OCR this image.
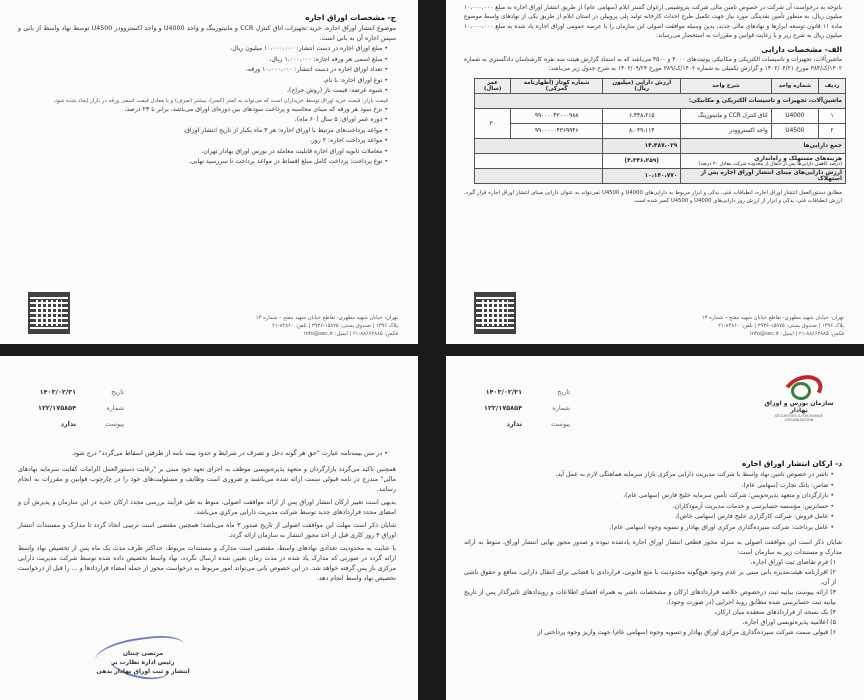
ج- مشخصات اوراق اجاره

موضوع انتشار اوراق اجاره، خرید تجهیزات اتاق کنترل CCR و مانیتورینگ و واحد U4000 و واحد اکستروودر U4500 توسط نهاد واسط از بانی و سپس اجاره آن به بانی است.

• مبلغ اوراق اجاره در دست انتشار: ۱۰،۰۰۰،۰۰۰ میلیون ریال،

• مبلغ اسمی هر ورقه اجاره: ۱،۰۰۰،۰۰۰ ریال،

• تعداد اوراق اجاره در دست انتشار: ۱۰،۰۰۰،۰۰۰ ورقه،

• نوع اوراق اجاره: با نام،

• شیوه عرضه: قیمت باز (روش حراج)،

قیمت بازار: قیمت خرید اوراق توسط خریداران است که می‌تواند به کمتر (کسر)، بیشتر (صرف) و یا معادل قیمت اسمی ورقه در بازار ایجاد شده شود.

• نرخ سود هر ورقه که مبنای محاسبه و پرداخت سودهای بین دوره‌ای اوراق می‌باشد، برابر با ۲۳ درصد،

• دوره عمر اوراق: ۵ سال (۶۰ ماه)،

• مواعد پرداخت‌های مرتبط با اوراق اجاره: هر ۳ ماه یکبار از تاریخ انتشار اوراق،

• مواعد پرداخت اجاره: ۲ روز،

• معاملات ثانویه اوراق اجاره قابلیت معامله در بورس اوراق بهادار تهران،

• نوع پرداخت: پرداخت کامل مبلغ اقساط در مواعد پرداخت تا سررسید نهایی.

تهران- خیابان شهید مطهری- تقاطع خیابان شهید مفتح – شماره ۱۳
پلاک ۱۳۹۶ | صندوق پستی: ۱۵۸۷۵-۳۹۳۶ | تلفن: ۸۴۸۶۰-۲۱
فکس: ۸۸۶۶۲۸۸۵-۲۱ | ایمیل: info@sec.ir

باتوجه به درخواست آن شرکت در خصوص تامین مالی شرکت پتروشیمی ارغوان گستر ایلام (سهامی عام) از طریق انتشار اوراق اجاره به مبلغ ۱۰،۰۰۰،۰۰۰ میلیون ریال، به منظور تأمین نقدینگی مورد نیاز جهت تکمیل طرح احداث کارخانه تولید پلی پروپیلن در استان ایلام از طریق یکی از نهادهای واسط موضوع ماده ۱۱ قانون توسعه ابزارها و نهادهای مالی جدید، بدین وسیله موافقت اصولی این سازمان را با عرضه عمومی اوراق اجاره یاد شده به مبلغ ۱۰،۰۰۰،۰۰۰ میلیون ریال به شرح زیر و با رعایت قوانین و مقررات به استحضار می‌رساند:

الف- مشخصات دارایی

ماشین‌آلات، تجهیزات و تاسیسات الکتریکی و مکانیکی یونیت‌های ۴۰۰۰ و ۴۵۰۰ می‌باشد که به استناد گزارش هیئت سه نفره کارشناسان دادگستری به شماره ۱۴۰۲/ک/۳۸۴ مورخ ۱۴۰۲/۰۴/۲۱ و گزارش تکمیلی به شماره ۱۴۰۲/ک/۳۸۹ مورخ ۱۴۰۲/۰۹/۲۴ به شرح جدول زیر می‌باشد:

ردیف	شماره واحد	شرح واحد	ارزش دارایی (میلیون ریال)	شماره کوتاژ (اظهارنامه گمرکی)	عمر (سال)
ماشین‌آلات، تجهیزات و تاسیسات الکتریکی و مکانیکی:					
۱	U4000	اتاق کنترل CCR و مانیتورینگ	۶،۴۴۸،۲۱۵	۹۹۰۰۰۰۴۲۰۰۰۹۸۸	۳۰
۲	U4500	واحد اکستروودر	۸،۰۳۹،۱۱۴	۹۹۰۰۰۰۰۴۳۶۹۹۴۶	
جمع دارایی‌ها			۱۴،۴۸۷،۰۲۹		

هزینه‌های مستهلک و راه‌اندازی
(درصد کاهش دارایی‌ها پس از انتقال از محدوده شرکت معادل ۳۰ درصد)			(۴،۳۴۶،۲۵۹)		
ارزش دارایی‌های مبنای انتشار اوراق اجاره پس از استهلاک			۱۰،۱۴۰،۷۷۰		

مطابق دستورالعمل انتشار اوراق اجاره، انطباقات فنی، یدکی و ابزار مربوط به دارایی‌های U4000 و U4500 نمی‌تواند به عنوان دارایی مبنای انتشار اوراق اجاره قرار گیرد، ارزش انطباقات فنی، یدکی و ابزار از ارزش روز دارایی‌های U4000 و U4500 کسر شده است.

تهران- خیابان شهید مطهری- تقاطع خیابان شهید مفتح – شماره ۱۳
پلاک ۱۳۹۶ | صندوق پستی: ۱۵۸۷۵-۳۹۳۶ | تلفن: ۸۴۸۶۰-۲۱
فکس: ۸۸۶۶۲۸۸۵-۲۱ | ایمیل: info@sec.ir
تاریخ
۱۴۰۳/۰۲/۳۱
شماره
۱۲۲/۱۷۵۸۵۴
پیوست
ندارد

• در متن بیمه‌نامه عبارت "حق هر گونه دخل و تصرف در شرایط و حدود بیمه نامه از طرفین اسقاط می‌گردد" درج شود.

همچنین تاکید می‌گردد بازارگردان و متعهد پذیره‌نویسی موظف به اجرای تعهد خود مبنی بر "رعایت دستورالعمل الزامات کفایت سرمایه نهادهای مالی" مندرج در نامه قبولی سمت ارائه شده می‌باشند و ضروری است وظایف و مسئولیت‌های خود را در چارچوب قوانین و مقررات به انجام رسانند.

بدیهی است تغییر ارکان انتشار اوراق پس از ارائه موافقت اصولی، منوط به طی فرآیند بررسی مجدد ارکان جدید در این سازمان و پذیرش آن و امضای مجدد قراردادهای جدید توسط شرکت مدیریت دارایی مرکزی می‌باشد.

شایان ذکر است مهلت این موافقت اصولی از تاریخ صدور ۳ ماه می‌باشد؛ همچنین مقتضی است ترتیبی اتخاذ گردد تا مدارک و مستندات انتشار اوراق ۳ روز کاری قبل از اخذ مجوز انتشار به سازمان ارائه گردد.

با عنایت به محدودیت تعدادی نهادهای واسط، مقتضی است مدارک و مستندات مربوط، حداکثر ظرف مدت یک ماه پس از تخصیص نهاد واسط ارائه گردد در صورتی که مدارک یاد شده در مدت زمان تعیین شده ارسال نگردد، نهاد واسط تخصیص داده شده توسط شرکت مدیریت دارایی مرکزی باز پس گرفته خواهد شد. در این خصوص بانی می‌تواند امور مربوط به درخواست مجوز از جمله امضاء قراردادها و ... را قبل از درخواست تخصیص نهاد واسط انجام دهد.

مرتضی چنتان
رئیس اداره نظارت بر
انتشار و ثبت اوراق بهادار بدهی
سازمان بورس و اوراق بهادار
SECURITIES & EXCHANGE ORGANIZATION
تاریخ
۱۴۰۳/۰۲/۳۱
شماره
۱۲۲/۱۷۵۸۵۴
پیوست
ندارد
د- ارکان انتشار اوراق اجاره

• ناشر در خصوص تامین نهاد واسط با شرکت مدیریت دارایی مرکزی بازار سرمایه هماهنگی لازم به عمل آید،

• ضامن: بانک تجارت (سهامی عام)،

• بازارگردان و متعهد پذیره‌نویس: شرکت تأمین سرمایه خلیج فارس (سهامی عام)،

• حسابرس: مؤسسه حسابرسی و خدمات مدیریت آرمودکاران،

• عامل فروش: شرکت کارگزاری خلیج فارس (سهامی خاص)،

• عامل پرداخت: شرکت سپرده‌گذاری مرکزی اوراق بهادار و تسویه وجوه (سهامی عام).

شایان ذکر است این موافقت اصولی به منزله مجوز قطعی انتشار اوراق اجاره یادشده نبوده و صدور مجوز نهایی انتشار اوراق، منوط به ارائه مدارک و مستندات زیر به سازمان است:

۱) فرم تقاضای ثبت اوراق اجاره،

۲) اقرارنامه هیئت‌مدیره بانی مبنی بر عدم وجود هیچ‌گونه محدودیت یا منع قانونی، قراردادی یا قضایی برای انتقال دارایی، منافع و حقوق ناشی از آن،

۳) ارائه پیوست بیانیه ثبت درخصوص خلاصه قراردادهای ارکان و مشخصات ناشر به همراه افشای اطلاعات و رویدادهای تاثیرگذار پس از تاریخ بیانیه ثبت حسابرسی شده مطابق رویۀ اجرایی (در صورت وجود)،

۴) یک نسخه از قراردادهای منعقده میان ارکان،

۵) اعلامیه پذیره‌نویسی اوراق اجاره،

۶) قبولی سمت شرکت سپرده‌گذاری مرکزی اوراق بهادار و تسویه وجوه (سهامی عام) جهت واریز وجوه پرداختی از
